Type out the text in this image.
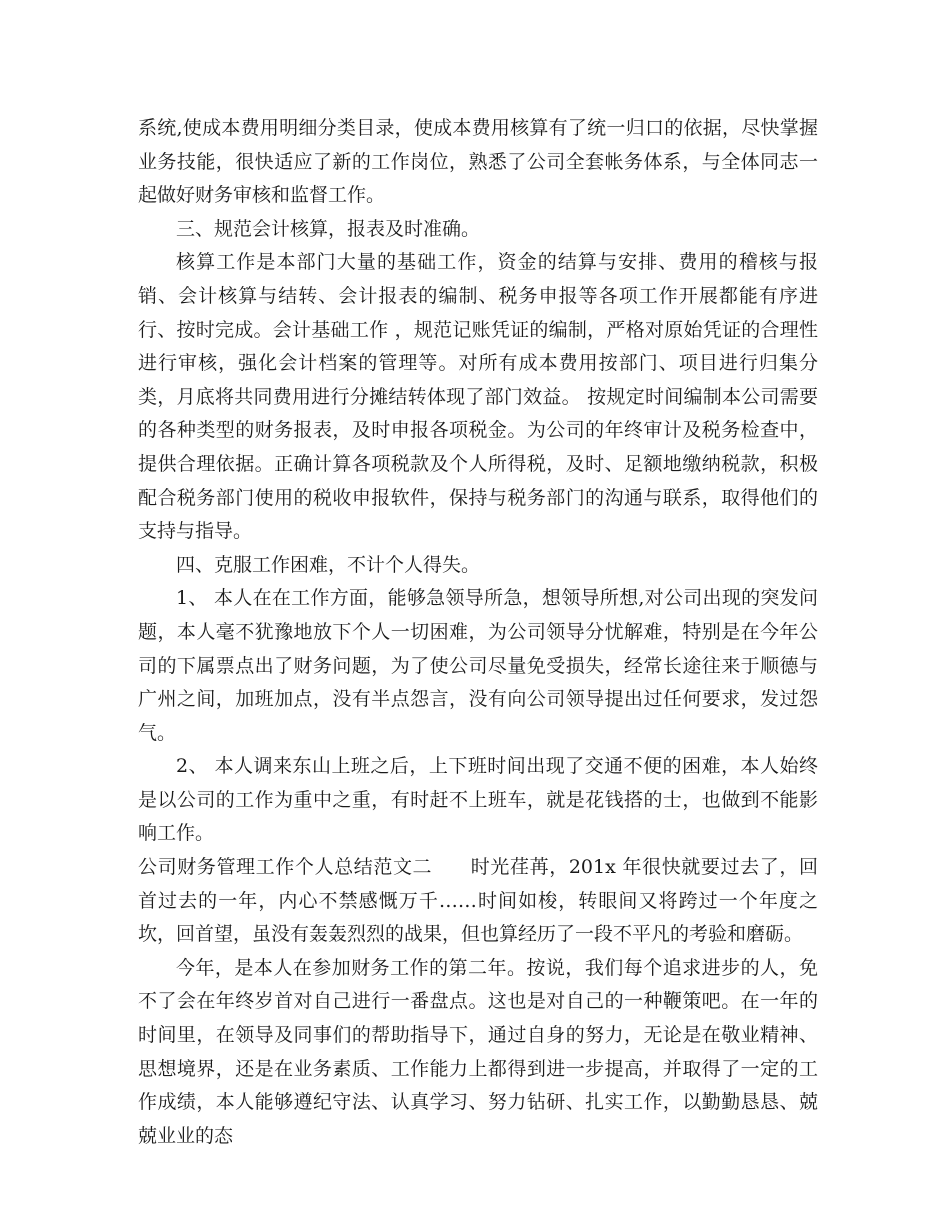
系统,使成本费用明细分类目录，使成本费用核算有了统一归口的依据，尽快掌握业务技能，很快适应了新的工作岗位，熟悉了公司全套帐务体系，与全体同志一起做好财务审核和监督工作。

三、规范会计核算，报表及时准确。

核算工作是本部门大量的基础工作，资金的结算与安排、费用的稽核与报销、会计核算与结转、会计报表的编制、税务申报等各项工作开展都能有序进行、按时完成。会计基础工作 ，规范记账凭证的编制，严格对原始凭证的合理性进行审核，强化会计档案的管理等。对所有成本费用按部门、项目进行归集分类，月底将共同费用进行分摊结转体现了部门效益。 按规定时间编制本公司需要的各种类型的财务报表，及时申报各项税金。为公司的年终审计及税务检查中，提供合理依据。正确计算各项税款及个人所得税，及时、足额地缴纳税款，积极配合税务部门使用的税收申报软件，保持与税务部门的沟通与联系，取得他们的支持与指导。

四、克服工作困难，不计个人得失。

1、 本人在在工作方面，能够急领导所急，想领导所想,对公司出现的突发问题，本人毫不犹豫地放下个人一切困难，为公司领导分忧解难，特别是在今年公司的下属票点出了财务问题，为了使公司尽量免受损失，经常长途往来于顺德与广州之间，加班加点，没有半点怨言，没有向公司领导提出过任何要求，发过怨气。

2、 本人调来东山上班之后，上下班时间出现了交通不便的困难，本人始终是以公司的工作为重中之重，有时赶不上班车，就是花钱搭的士，也做到不能影响工作。

公司财务管理工作个人总结范文二 时光荏苒，201x 年很快就要过去了，回首过去的一年，内心不禁感慨万千……时间如梭，转眼间又将跨过一个年度之坎，回首望，虽没有轰轰烈烈的战果，但也算经历了一段不平凡的考验和磨砺。

今年，是本人在参加财务工作的第二年。按说，我们每个追求进步的人，免不了会在年终岁首对自己进行一番盘点。这也是对自己的一种鞭策吧。在一年的时间里，在领导及同事们的帮助指导下，通过自身的努力，无论是在敬业精神、思想境界，还是在业务素质、工作能力上都得到进一步提高，并取得了一定的工作成绩，本人能够遵纪守法、认真学习、努力钻研、扎实工作，以勤勤恳恳、兢兢业业的态
